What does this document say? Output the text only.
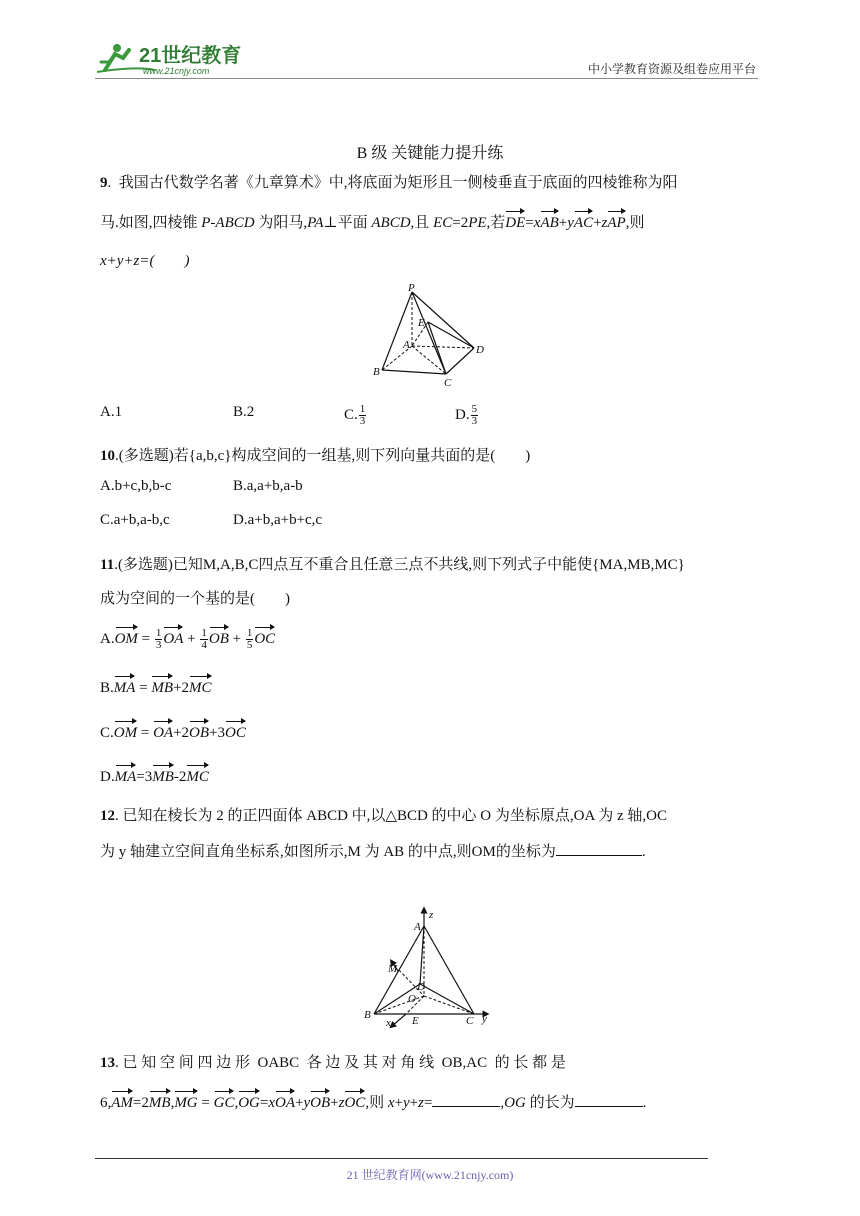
21世纪教育
www.21cnjy.com	中小学教育资源及组卷应用平台
B 级 关键能力提升练
9.  我国古代数学名著《九章算术》中,将底面为矩形且一侧棱垂直于底面的四棱锥称为阳
马.如图,四棱锥 P-ABCD 为阳马,PA⊥平面 ABCD,且 EC=2PE,若DE=xAB+yAC+zAP,则
x+y+z=(　　)
P
E
A	D
B
C
A.1	B.2	C. $\frac{1}{3}$	D. $\frac{5}{3}$
10.(多选题)若{a,b,c}构成空间的一组基,则下列向量共面的是(　　)
A.b+c,b,b-c	B.a,a+b,a-b
C.a+b,a-b,c	D.a+b,a+b+c,c
11.(多选题)已知M,A,B,C四点互不重合且任意三点不共线,则下列式子中能使{MA,MB,MC}
成为空间的一个基的是(　　)
$A.OM = \frac{1}{3}$ OA + $\frac{1}{4}$ OB + $\frac{1}{5}$ OC
B.MA = MB+2MC
C.OM = OA+2OB+3OC
D.MA=3MB-2MC
12. 已知在棱长为 2 的正四面体 ABCD 中,以△BCD 的中心 O 为坐标原点,OA 为 z 轴,OC
为 y 轴建立空间直角坐标系,如图所示,M 为 AB 的中点,则OM的坐标为	.
z
A
M
D
O
B	E	C y
x
13. 已 知 空 间 四 边 形  OABC  各 边 及 其 对 角 线  OB,AC  的 长 都 是
6,AM=2MB,MG = GC,OG=xOA+yOB+zOC,则 x+y+z=	,OG 的长为	.
21 世纪教育网(www.21cnjy.com)
